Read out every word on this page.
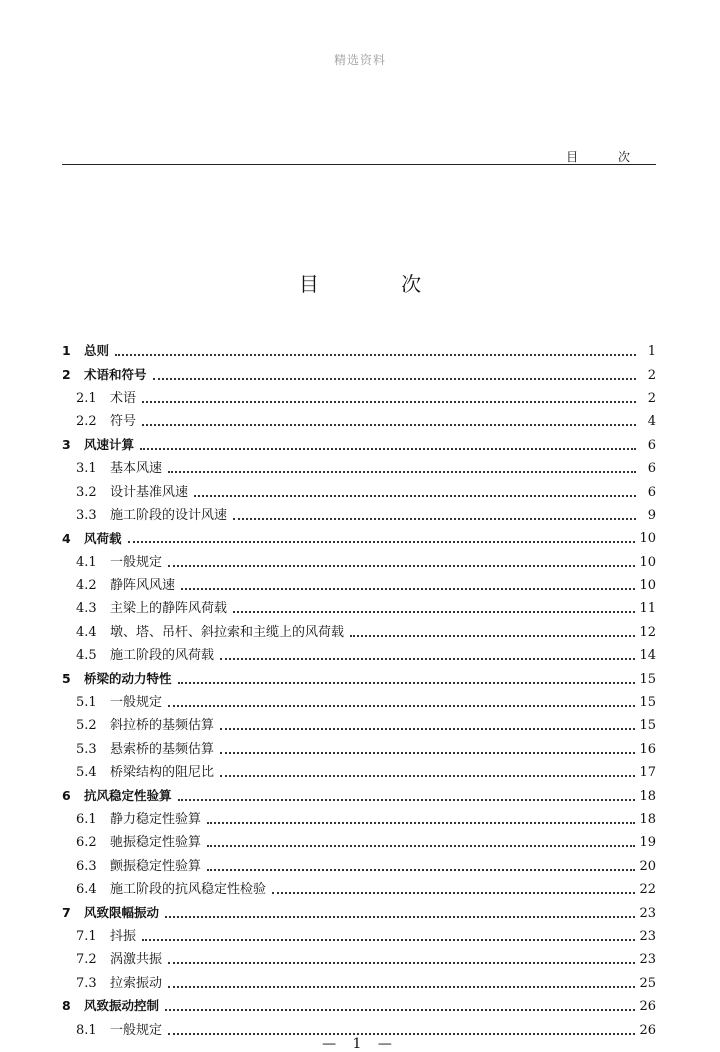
精选资料
目 次
目 次
1	总则	1
2	术语和符号	2
2.1	术语	2
2.2	符号	4
3	风速计算	6
3.1	基本风速	6
3.2	设计基准风速	6
3.3	施工阶段的设计风速	9
4	风荷载	10
4.1	一般规定	10
4.2	静阵风风速	10
4.3	主梁上的静阵风荷载	11
4.4	墩、塔、吊杆、斜拉索和主缆上的风荷载	12
4.5	施工阶段的风荷载	14
5	桥梁的动力特性	15
5.1	一般规定	15
5.2	斜拉桥的基频估算	15
5.3	悬索桥的基频估算	16
5.4	桥梁结构的阻尼比	17
6	抗风稳定性验算	18
6.1	静力稳定性验算	18
6.2	驰振稳定性验算	19
6.3	颤振稳定性验算	20
6.4	施工阶段的抗风稳定性检验	22
7	风致限幅振动	23
7.1	抖振	23
7.2	涡激共振	23
7.3	拉索振动	25
8	风致振动控制	26
8.1	一般规定	26
— 1 —
